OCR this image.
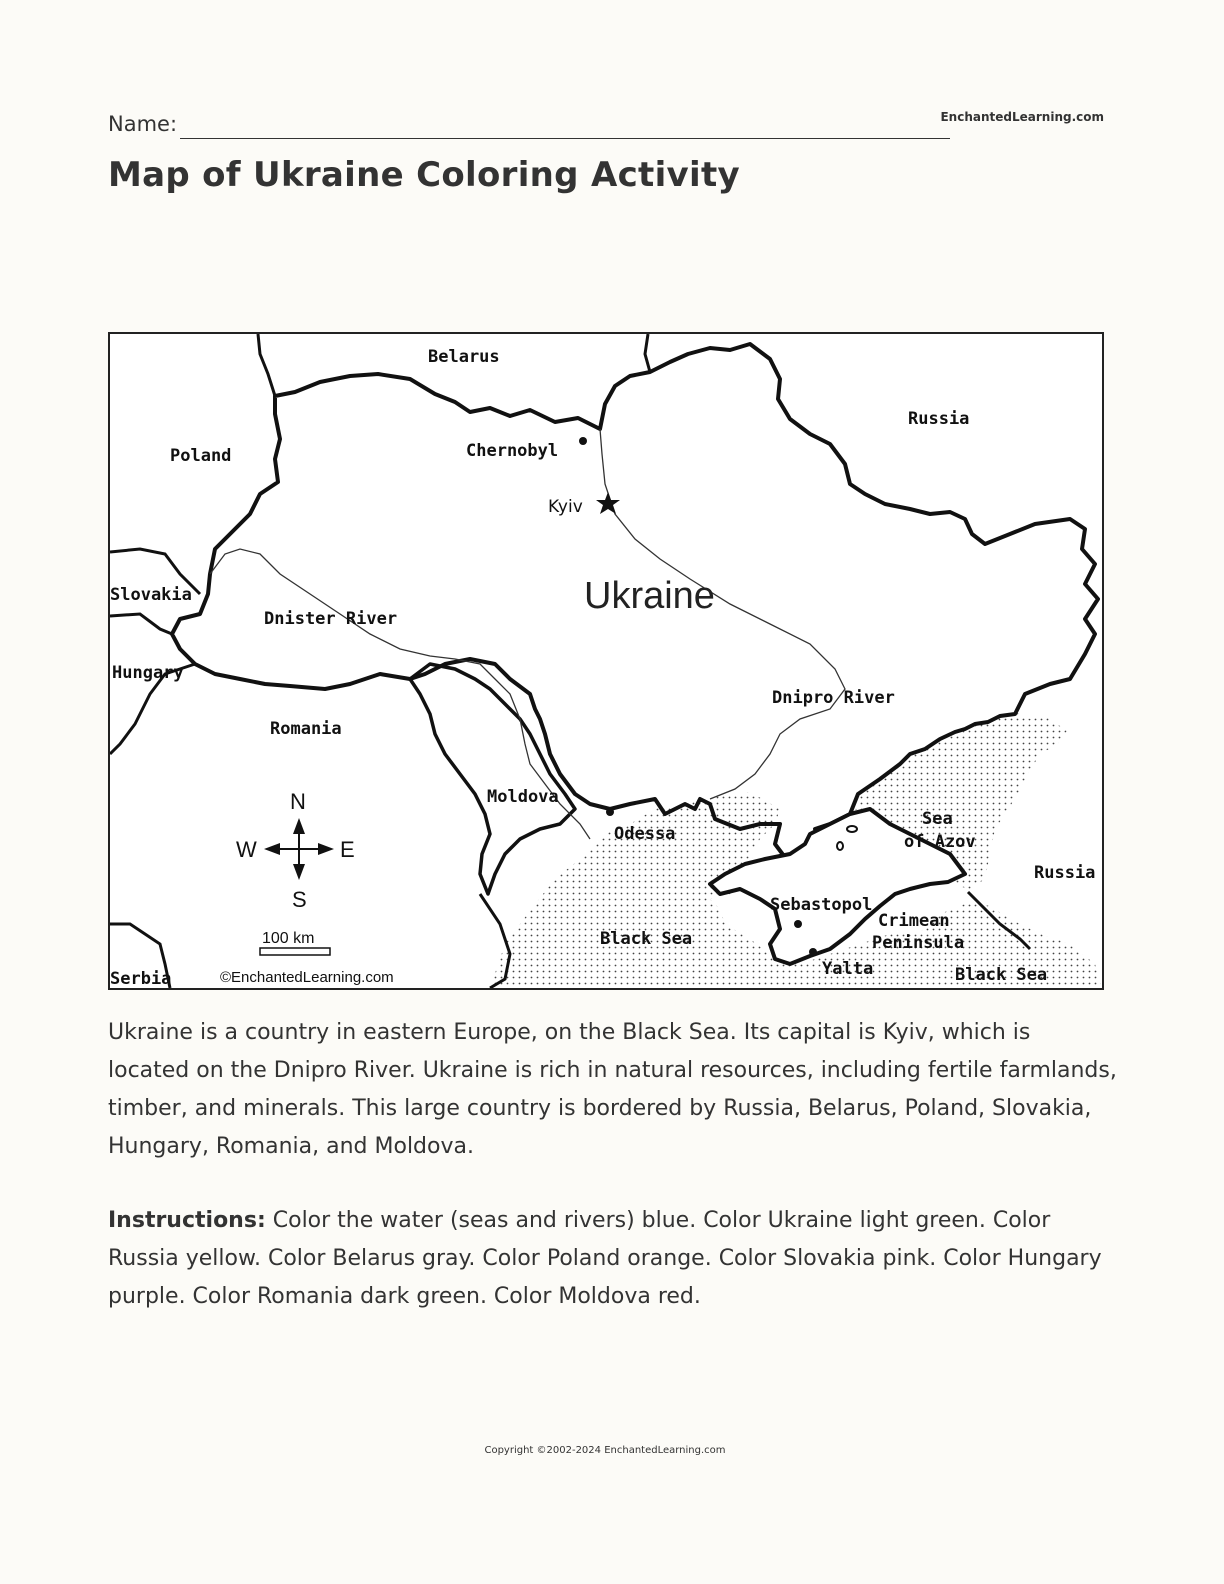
Name:	EnchantedLearning.com
Map of Ukraine Coloring Activity
Belarus
Russia
Poland	Chernobyl
Kyiv
Slovakia	Ukraine
Dnister River
Hungary
Dnipro River
Romania
Moldova
Odessa
Sea
of Azov
Russia
Sebastopol
Crimean
Peninsula
Black Sea
Yalta	Black Sea
Serbia
N
S
W	E
100 km
©EnchantedLearning.com

Ukraine is a country in eastern Europe, on the Black Sea. Its capital is Kyiv, which is located on the Dnipro River. Ukraine is rich in natural resources, including fertile farmlands, timber, and minerals. This large country is bordered by Russia, Belarus, Poland, Slovakia, Hungary, Romania, and Moldova.

Instructions: Color the water (seas and rivers) blue. Color Ukraine light green. Color Russia yellow. Color Belarus gray. Color Poland orange. Color Slovakia pink. Color Hungary purple. Color Romania dark green. Color Moldova red.

Copyright ©2002-2024 EnchantedLearning.com
